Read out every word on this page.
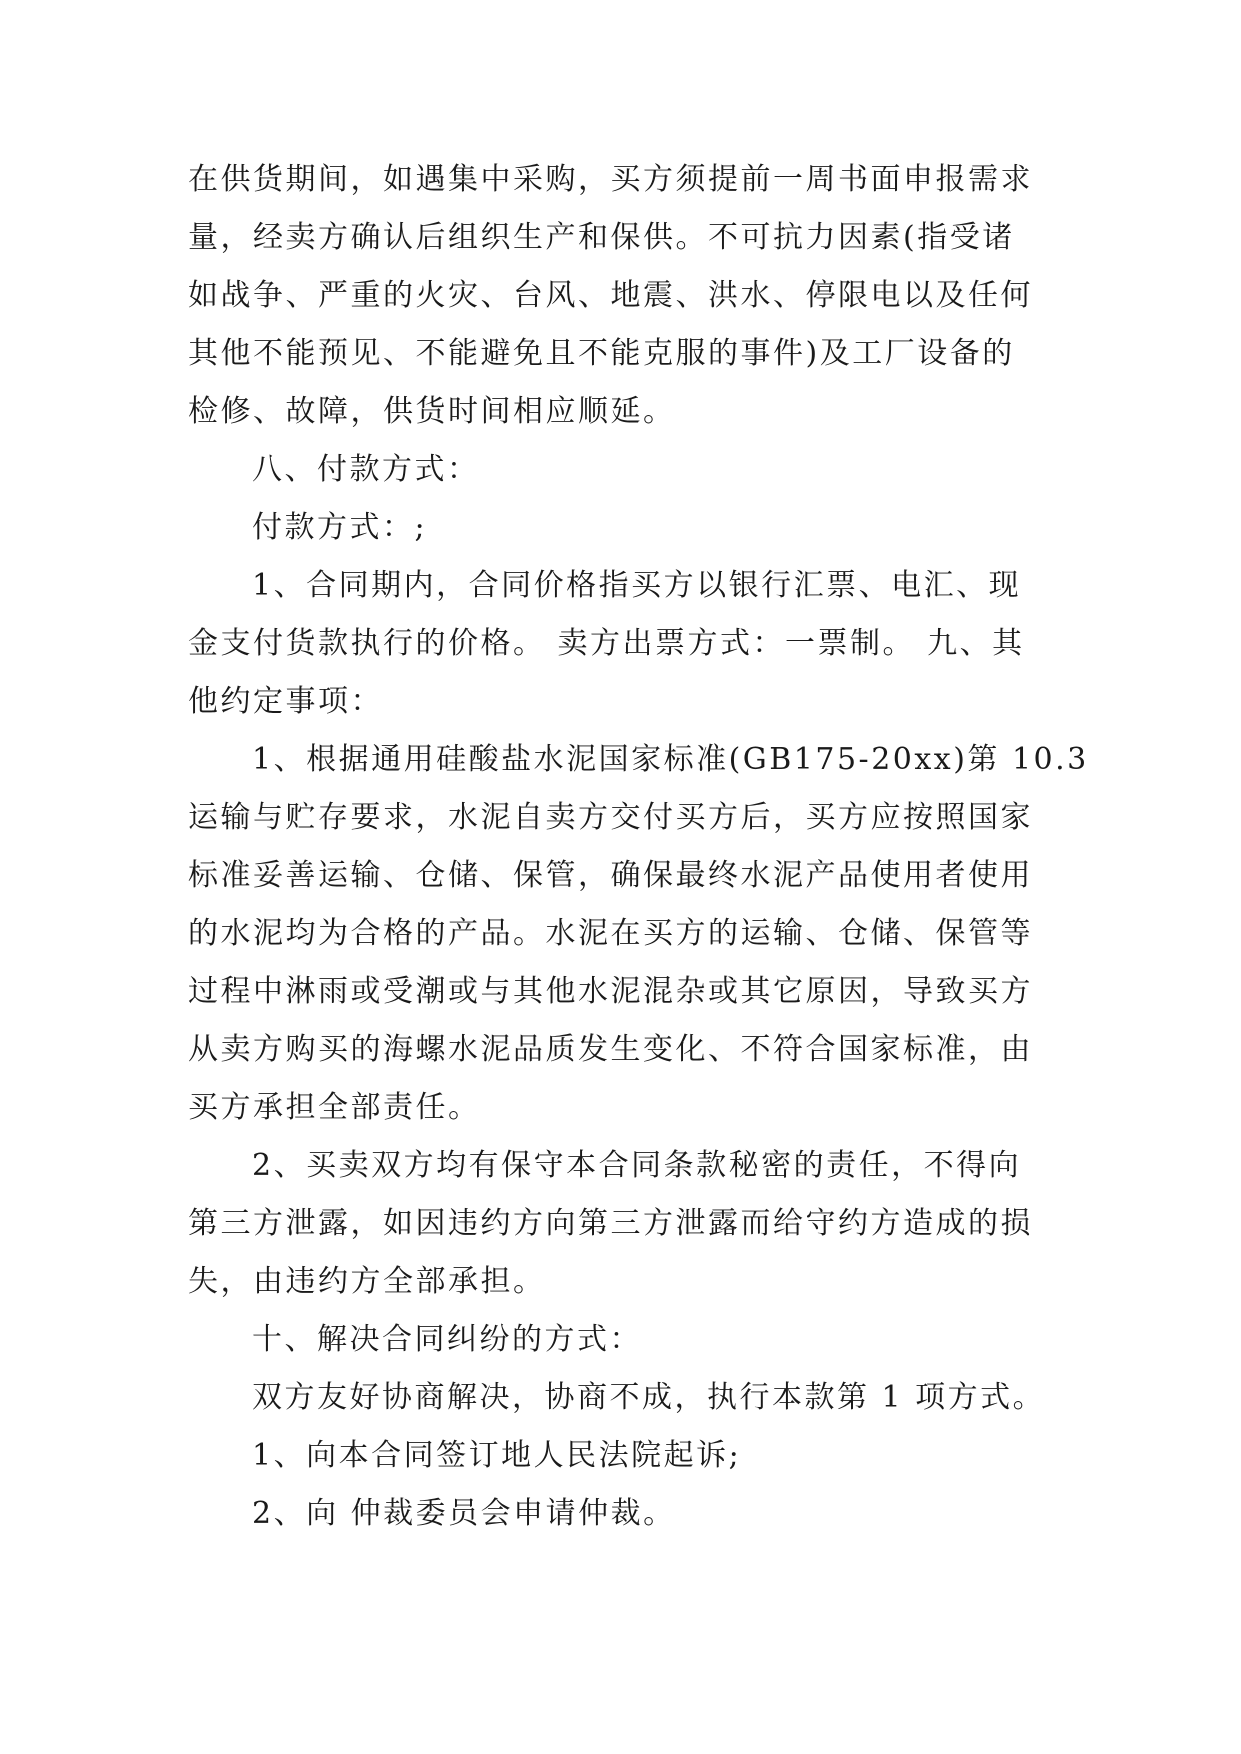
在供货期间，如遇集中采购，买方须提前一周书面申报需求
量，经卖方确认后组织生产和保供。不可抗力因素(指受诸
如战争、严重的火灾、台风、地震、洪水、停限电以及任何
其他不能预见、不能避免且不能克服的事件)及工厂设备的
检修、故障，供货时间相应顺延。
八、付款方式：
付款方式：;
1、合同期内，合同价格指买方以银行汇票、电汇、现
金支付货款执行的价格。 卖方出票方式：一票制。 九、其
他约定事项：
1、根据通用硅酸盐水泥国家标准(GB175-20xx)第 10.3
运输与贮存要求，水泥自卖方交付买方后，买方应按照国家
标准妥善运输、仓储、保管，确保最终水泥产品使用者使用
的水泥均为合格的产品。水泥在买方的运输、仓储、保管等
过程中淋雨或受潮或与其他水泥混杂或其它原因，导致买方
从卖方购买的海螺水泥品质发生变化、不符合国家标准，由
买方承担全部责任。
2、买卖双方均有保守本合同条款秘密的责任，不得向
第三方泄露，如因违约方向第三方泄露而给守约方造成的损
失，由违约方全部承担。
十、解决合同纠纷的方式：
双方友好协商解决，协商不成，执行本款第 1 项方式。
1、向本合同签订地人民法院起诉;
2、向 仲裁委员会申请仲裁。
